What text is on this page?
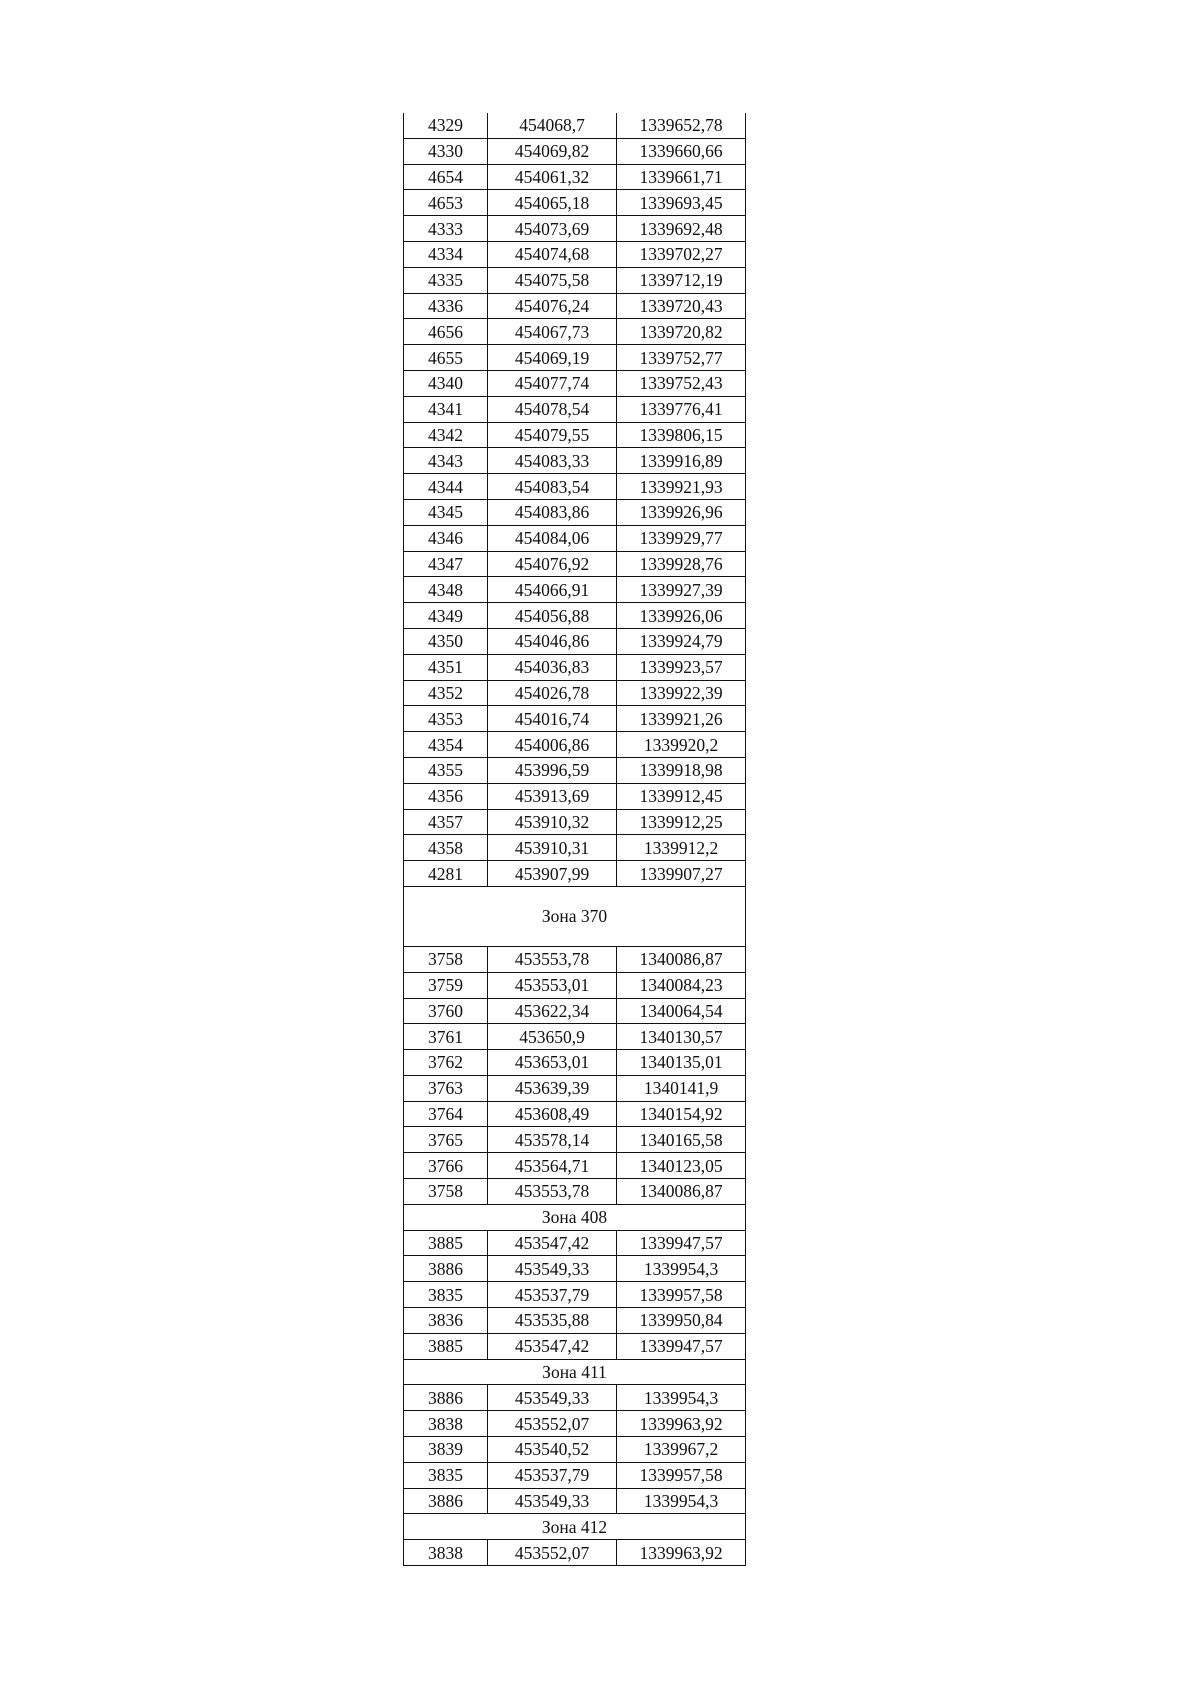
4329	454068,7	1339652,78
4330	454069,82	1339660,66
4654	454061,32	1339661,71
4653	454065,18	1339693,45
4333	454073,69	1339692,48
4334	454074,68	1339702,27
4335	454075,58	1339712,19
4336	454076,24	1339720,43
4656	454067,73	1339720,82
4655	454069,19	1339752,77
4340	454077,74	1339752,43
4341	454078,54	1339776,41
4342	454079,55	1339806,15
4343	454083,33	1339916,89
4344	454083,54	1339921,93
4345	454083,86	1339926,96
4346	454084,06	1339929,77
4347	454076,92	1339928,76
4348	454066,91	1339927,39
4349	454056,88	1339926,06
4350	454046,86	1339924,79
4351	454036,83	1339923,57
4352	454026,78	1339922,39
4353	454016,74	1339921,26
4354	454006,86	1339920,2
4355	453996,59	1339918,98
4356	453913,69	1339912,45
4357	453910,32	1339912,25
4358	453910,31	1339912,2
4281	453907,99	1339907,27
Зона 370		
3758	453553,78	1340086,87
3759	453553,01	1340084,23
3760	453622,34	1340064,54
3761	453650,9	1340130,57
3762	453653,01	1340135,01
3763	453639,39	1340141,9
3764	453608,49	1340154,92
3765	453578,14	1340165,58
3766	453564,71	1340123,05
3758	453553,78	1340086,87
Зона 408		
3885	453547,42	1339947,57
3886	453549,33	1339954,3
3835	453537,79	1339957,58
3836	453535,88	1339950,84
3885	453547,42	1339947,57
Зона 411		
3886	453549,33	1339954,3
3838	453552,07	1339963,92
3839	453540,52	1339967,2
3835	453537,79	1339957,58
3886	453549,33	1339954,3
Зона 412		
3838	453552,07	1339963,92
